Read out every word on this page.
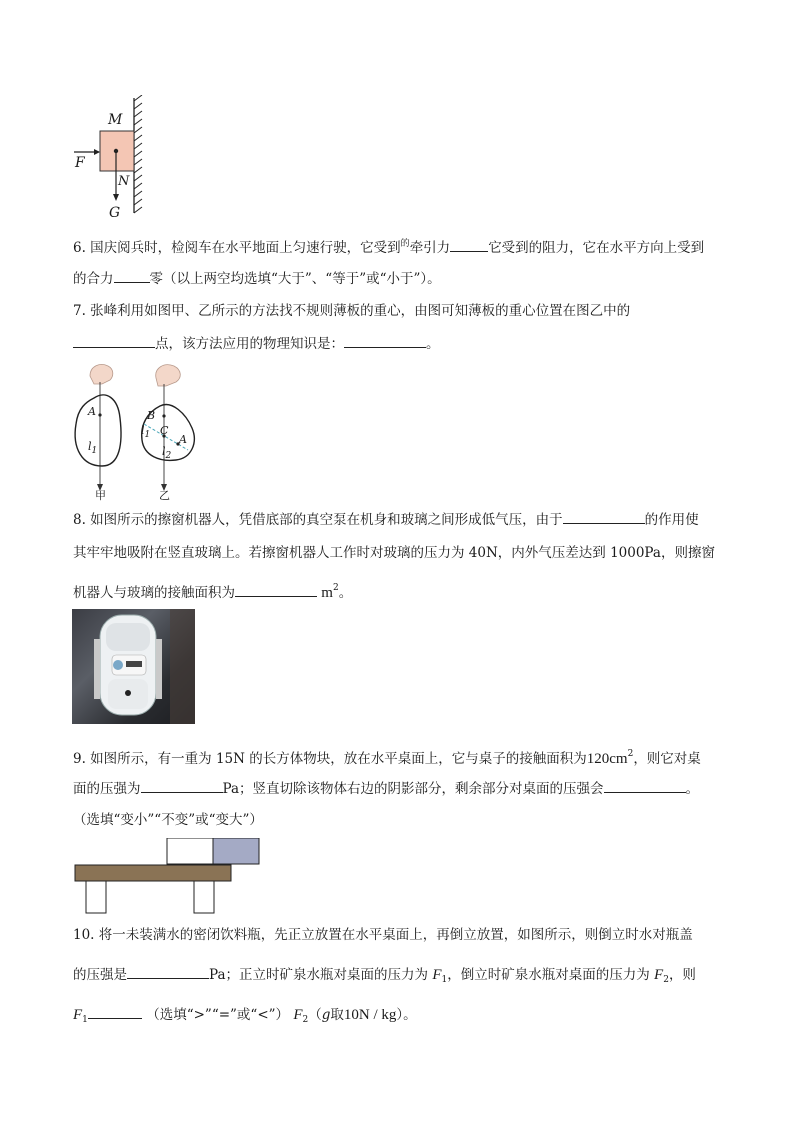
M
F
N
G
6. 国庆阅兵时，检阅车在水平地面上匀速行驶，它受到$^的$牵引力	它受到的阻力，它在水平方向上受到
的合力	零（以上两空均选填“大于”、“等于”或“小于”）。
7. 张峰利用如图甲、乙所示的方法找不规则薄板的重心，由图可知薄板的重心位置在图乙中的
点，该方法应用的物理知识是：	。
A
$l_1$
甲
B
$l_1$ C
A
$l_2$
乙
8. 如图所示的擦窗机器人，凭借底部的真空泵在机身和玻璃之间形成低气压，由于	的作用使
其牢牢地吸附在竖直玻璃上。若擦窗机器人工作时对玻璃的压力为 40N，内外气压差达到 1000Pa，则擦窗
机器人与玻璃的接触面积为	$m^2$。
9. 如图所示，有一重为 15N 的长方体物块，放在水平桌面上，它与桌子的接触面积为$120cm^2$，则它对桌
面的压强为	Pa；竖直切除该物体右边的阴影部分，剩余部分对桌面的压强会	。
（选填“变小”“不变”或“变大”）
10. 将一未装满水的密闭饮料瓶，先正立放置在水平桌面上，再倒立放置，如图所示，则倒立时水对瓶盖
的压强是	Pa；正立时矿泉水瓶对桌面的压力为 $F_1$，倒立时矿泉水瓶对桌面的压力为 $F_2$，则
$F_1$	（选填“>”“=”或“<”） $F_2(g$取10N / kg）。
